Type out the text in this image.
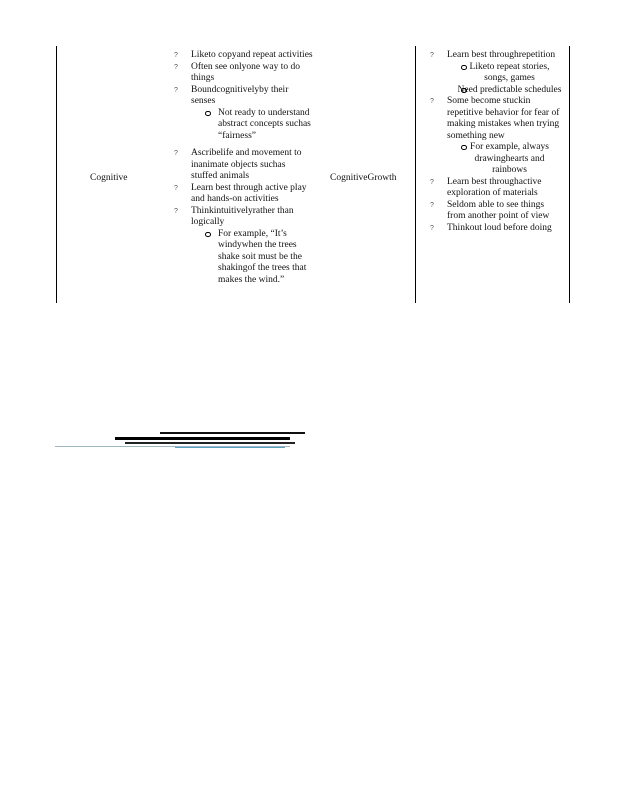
Cognitive	CognitiveGrowth
? Liketo copyand repeat activities
? Often see onlyone way to do things
? Boundcognitivelyby their senses
Not ready to understand abstract concepts suchas “fairness”
? Ascribelife and movement to inanimate objects suchas stuffed animals
? Learn best through active play and hands‑on activities
? Thinkintuitivelyrather than logically
For example, “It’s windywhen the trees shake soit must be the shakingof the trees that makes the wind.”
? Learn best throughrepetition
Liketo repeat stories, songs, games
Need predictable schedules
? Some become stuckin repetitive behavior for fear of making mistakes when trying something new
For example, always drawinghearts and rainbows
? Learn best throughactive exploration of materials
? Seldom able to see things from another point of view
? Thinkout loud before doing
